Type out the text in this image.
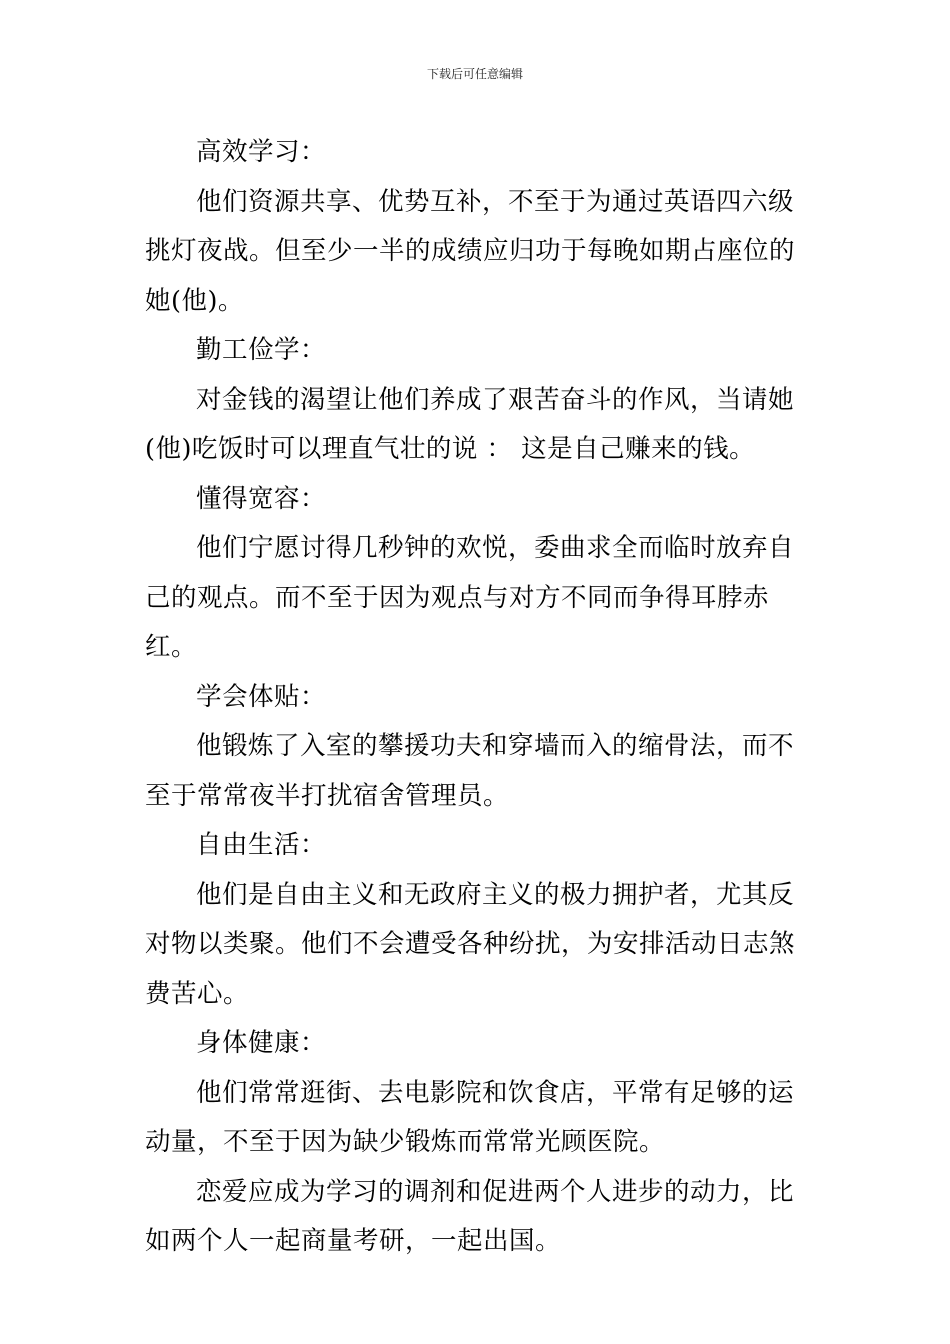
下载后可任意编辑

高效学习：

他们资源共享、优势互补，不至于为通过英语四六级挑灯夜战。但至少一半的成绩应归功于每晚如期占座位的她(他)。

勤工俭学：

对金钱的渴望让他们养成了艰苦奋斗的作风，当请她(他)吃饭时可以理直气壮的说 ： 这是自己赚来的钱。

懂得宽容：

他们宁愿讨得几秒钟的欢悦，委曲求全而临时放弃自己的观点。而不至于因为观点与对方不同而争得耳脖赤红。

学会体贴：

他锻炼了入室的攀援功夫和穿墙而入的缩骨法，而不至于常常夜半打扰宿舍管理员。

自由生活：

他们是自由主义和无政府主义的极力拥护者，尤其反对物以类聚。他们不会遭受各种纷扰，为安排活动日志煞费苦心。

身体健康：

他们常常逛街、去电影院和饮食店，平常有足够的运动量，不至于因为缺少锻炼而常常光顾医院。

恋爱应成为学习的调剂和促进两个人进步的动力，比如两个人一起商量考研，一起出国。
